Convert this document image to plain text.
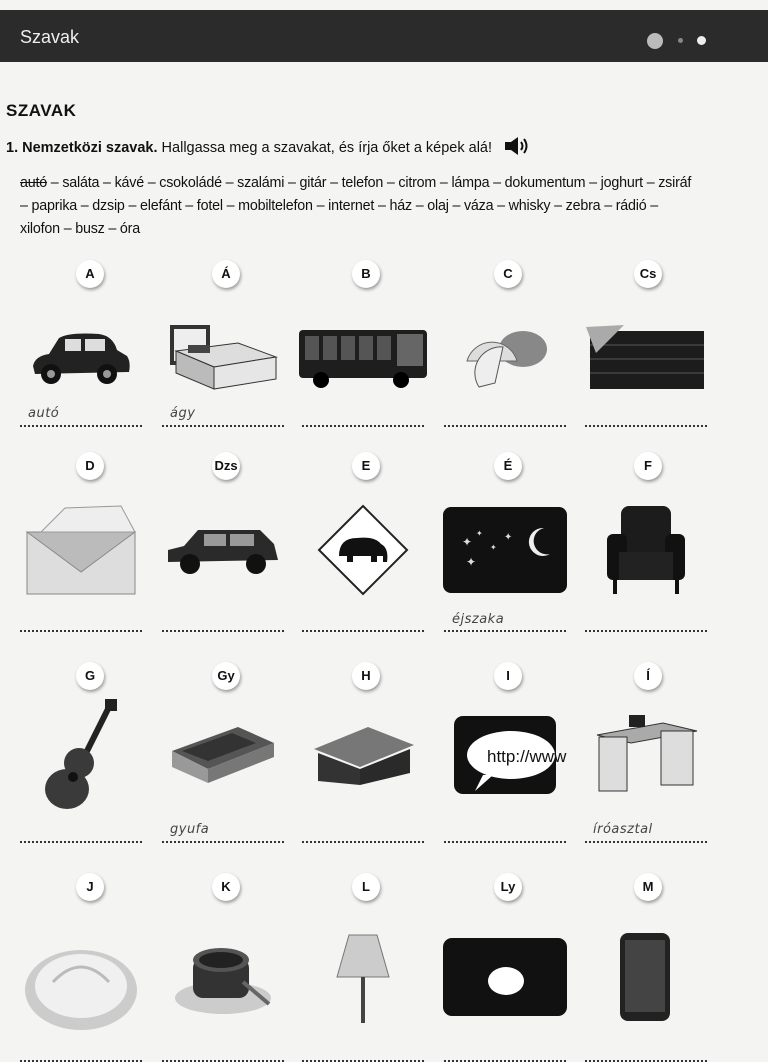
Szavak

SZAVAK
1. Nemzetközi szavak. Hallgassa meg a szavakat, és írja őket a képek alá!
autó – saláta – kávé – csokoládé – szalámi – gitár – telefon – citrom – lámpa – dokumentum – joghurt – zsiráf – paprika – dzsip – elefánt – fotel – mobiltelefon – internet – ház – olaj – váza – whisky – zebra – rádió – xilofon – busz – óra
A
autó
Á
ágy
B	C	Cs
D	Dzs	E	É
✦
✦
✦
✦
✦
éjszaka
F
G	Gy
gyufa
H	I
http://www
Í
íróasztal
J	K	L	Ly	M
